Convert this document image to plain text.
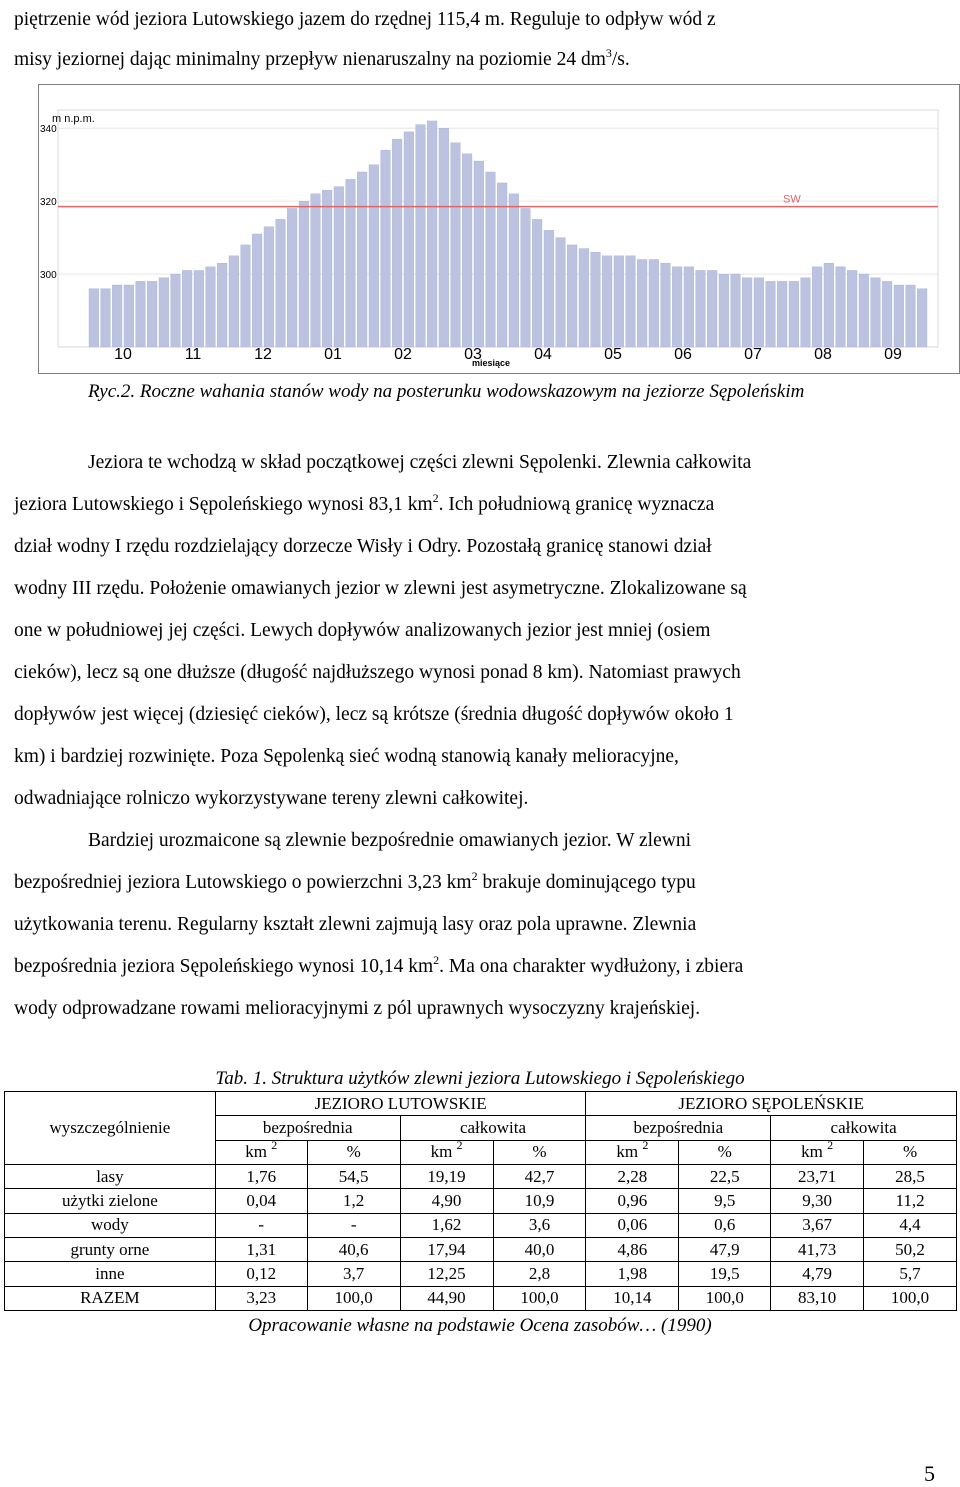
piętrzenie wód jeziora Lutowskiego jazem do rzędnej 115,4 m. Reguluje to odpływ wód z
misy jeziornej dając minimalny przepływ nienaruszalny na poziomie 24 $dm^3/s$.

SW
300
320
340
10	11	12	01	02	03	04	05	06	07	08	09
m n.p.m.
miesiące
Ryc.2. Roczne wahania stanów wody na posterunku wodowskazowym na jeziorze Sępoleńskim

Jeziora te wchodzą w skład początkowej części zlewni Sępolenki. Zlewnia całkowita
jeziora Lutowskiego i Sępoleńskiego wynosi 83,1 $km^2$. Ich południową granicę wyznacza
dział wodny I rzędu rozdzielający dorzecze Wisły i Odry. Pozostałą granicę stanowi dział
wodny III rzędu. Położenie omawianych jezior w zlewni jest asymetryczne. Zlokalizowane są
one w południowej jej części. Lewych dopływów analizowanych jezior jest mniej (osiem
cieków), lecz są one dłuższe (długość najdłuższego wynosi ponad 8 km). Natomiast prawych
dopływów jest więcej (dziesięć cieków), lecz są krótsze (średnia długość dopływów około 1
km) i bardziej rozwinięte. Poza Sępolenką sieć wodną stanowią kanały melioracyjne,
odwadniające rolniczo wykorzystywane tereny zlewni całkowitej.

Bardziej urozmaicone są zlewnie bezpośrednie omawianych jezior. W zlewni
bezpośredniej jeziora Lutowskiego o powierzchni 3,23 $km^2$ brakuje dominującego typu
użytkowania terenu. Regularny kształt zlewni zajmują lasy oraz pola uprawne. Zlewnia
bezpośrednia jeziora Sępoleńskiego wynosi 10,14 $km^2$. Ma ona charakter wydłużony, i zbiera
wody odprowadzane rowami melioracyjnymi z pól uprawnych wysoczyzny krajeńskiej.

Tab. 1. Struktura użytków zlewni jeziora Lutowskiego i Sępoleńskiego
wyszczególnienie	JEZIORO LUTOWSKIE				JEZIORO SĘPOLEŃSKIE			
	bezpośrednia		całkowita		bezpośrednia		całkowita	
	km $^2$	%	km $^2$	%	km $^2$	%	km $^2$	%
lasy	1,76	54,5	19,19	42,7	2,28	22,5	23,71	28,5
użytki zielone	0,04	1,2	4,90	10,9	0,96	9,5	9,30	11,2
wody	-	-	1,62	3,6	0,06	0,6	3,67	4,4
grunty orne	1,31	40,6	17,94	40,0	4,86	47,9	41,73	50,2
inne	0,12	3,7	12,25	2,8	1,98	19,5	4,79	5,7
RAZEM	3,23	100,0	44,90	100,0	10,14	100,0	83,10	100,0
Opracowanie własne na podstawie Ocena zasobów… (1990)
5
